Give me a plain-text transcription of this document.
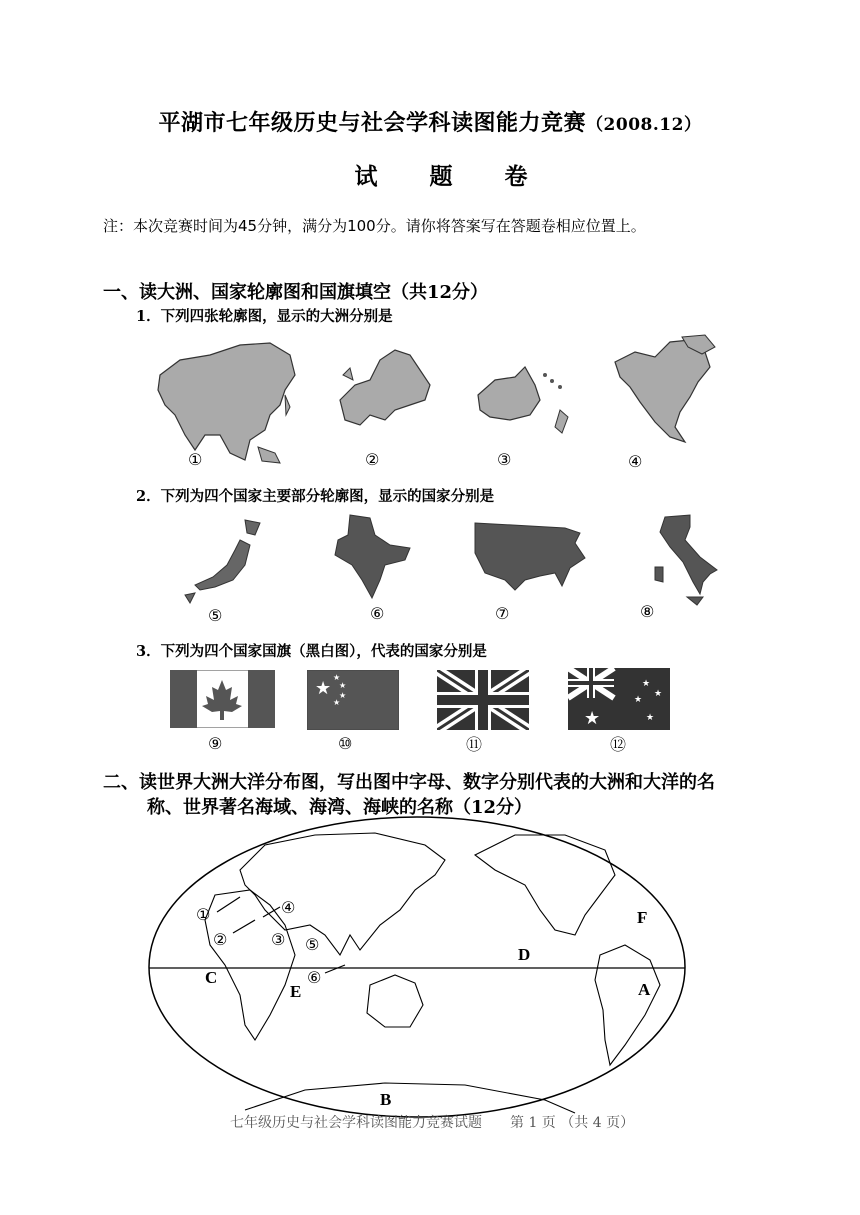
平湖市七年级历史与社会学科读图能力竞赛（2008.12）
试 题 卷
注：本次竞赛时间为45分钟，满分为100分。请你将答案写在答题卷相应位置上。
一、读大洲、国家轮廓图和国旗填空（共12分）
1．下列四张轮廓图，显示的大洲分别是
①	②	③	④
2．下列为四个国家主要部分轮廓图，显示的国家分别是
⑤	⑥	⑦	⑧
3．下列为四个国家国旗（黑白图），代表的国家分别是
★
★
★
★
★
★
★
★
★
★
⑨	⑩	⑪	⑫
二、读世界大洲大洋分布图，写出图中字母、数字分别代表的大洲和大洋的名
称、世界著名海域、海湾、海峡的名称（12分）
A
B
C
D
E
F
①
②	③
④
⑤
⑥
七年级历史与社会学科读图能力竞赛试题　　第 1 页 （共 4 页）
